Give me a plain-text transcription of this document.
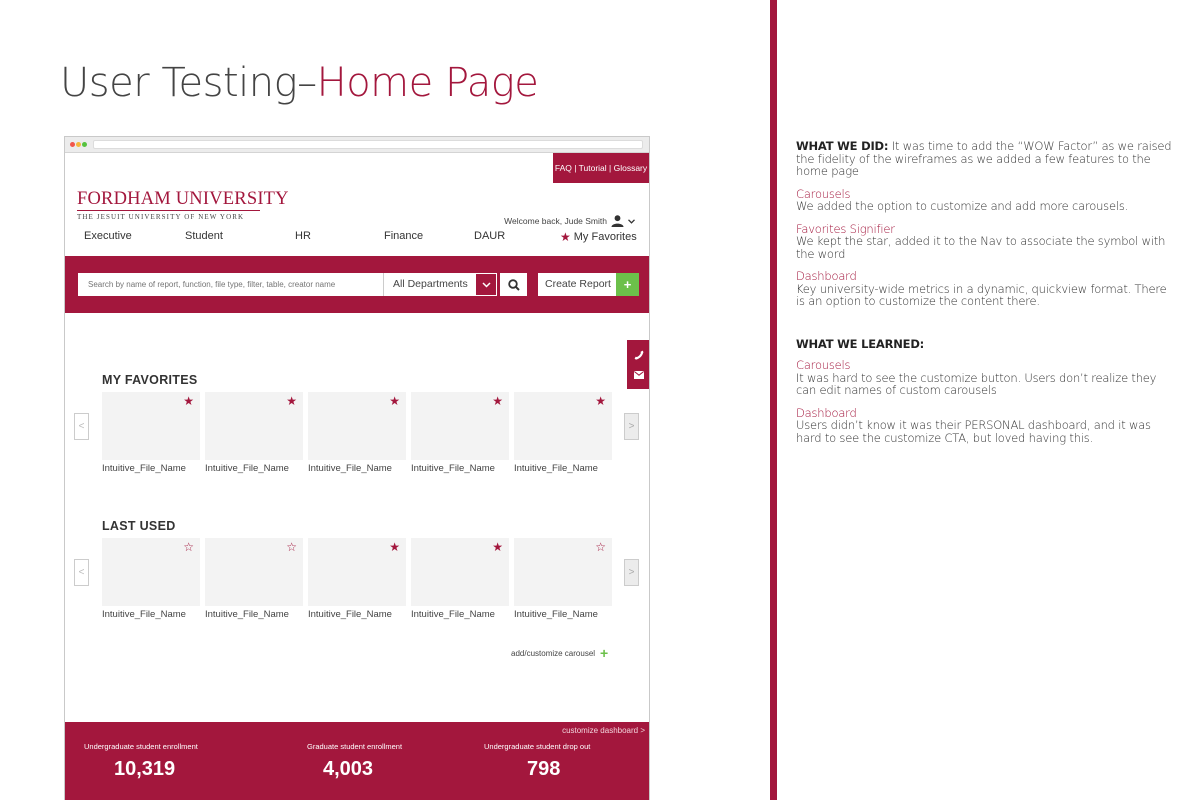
User Testing–Home Page
FAQ | Tutorial | Glossary
FORDHAM UNIVERSITY
THE JESUIT UNIVERSITY OF NEW YORK	Welcome back, Jude Smith
Executive	Student	HR	Finance	DAUR	★ My Favorites
Search by name of report, function, file type, filter, table, creator name
All Departments	Create Report +
MY FAVORITES
<	>
★	★	★	★	★
Intuitive_File_Name Intuitive_File_Name Intuitive_File_Name Intuitive_File_Name Intuitive_File_Name
LAST USED
<	>
☆	☆	★	★	☆
Intuitive_File_Name Intuitive_File_Name Intuitive_File_Name Intuitive_File_Name Intuitive_File_Name
add/customize carousel +
customize dashboard >
Undergraduate student enrollment	Graduate student enrollment	Undergraduate student drop out
10,319	4,003	798

WHAT WE DID: It was time to add the “WOW Factor” as we raised the fidelity of the wireframes as we added a few features to the home page

Carousels

We added the option to customize and add more carousels.

Favorites Signifier

We kept the star, added it to the Nav to associate the symbol with the word

Dashboard

Key university-wide metrics in a dynamic, quickview format. There is an option to customize the content there.

WHAT WE LEARNED:

Carousels

It was hard to see the customize button. Users don’t realize they can edit names of custom carousels

Dashboard

Users didn’t know it was their PERSONAL dashboard, and it was hard to see the customize CTA, but loved having this.
